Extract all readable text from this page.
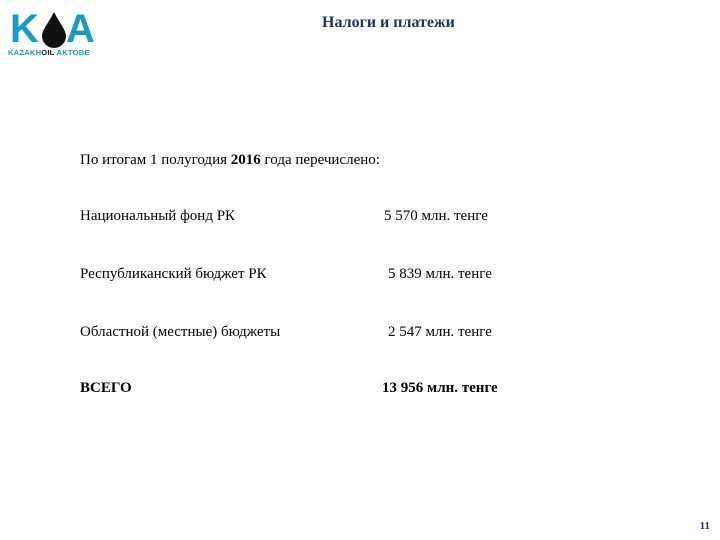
K A
KAZAKHOIL AKTOBE
Налоги и платежи
По итогам 1 полугодия 2016 года перечислено:
Национальный фонд РК	5 570 млн. тенге
Республиканский бюджет РК	5 839 млн. тенге
Областной (местные) бюджеты	2 547 млн. тенге
ВСЕГО	13 956 млн. тенге
11
